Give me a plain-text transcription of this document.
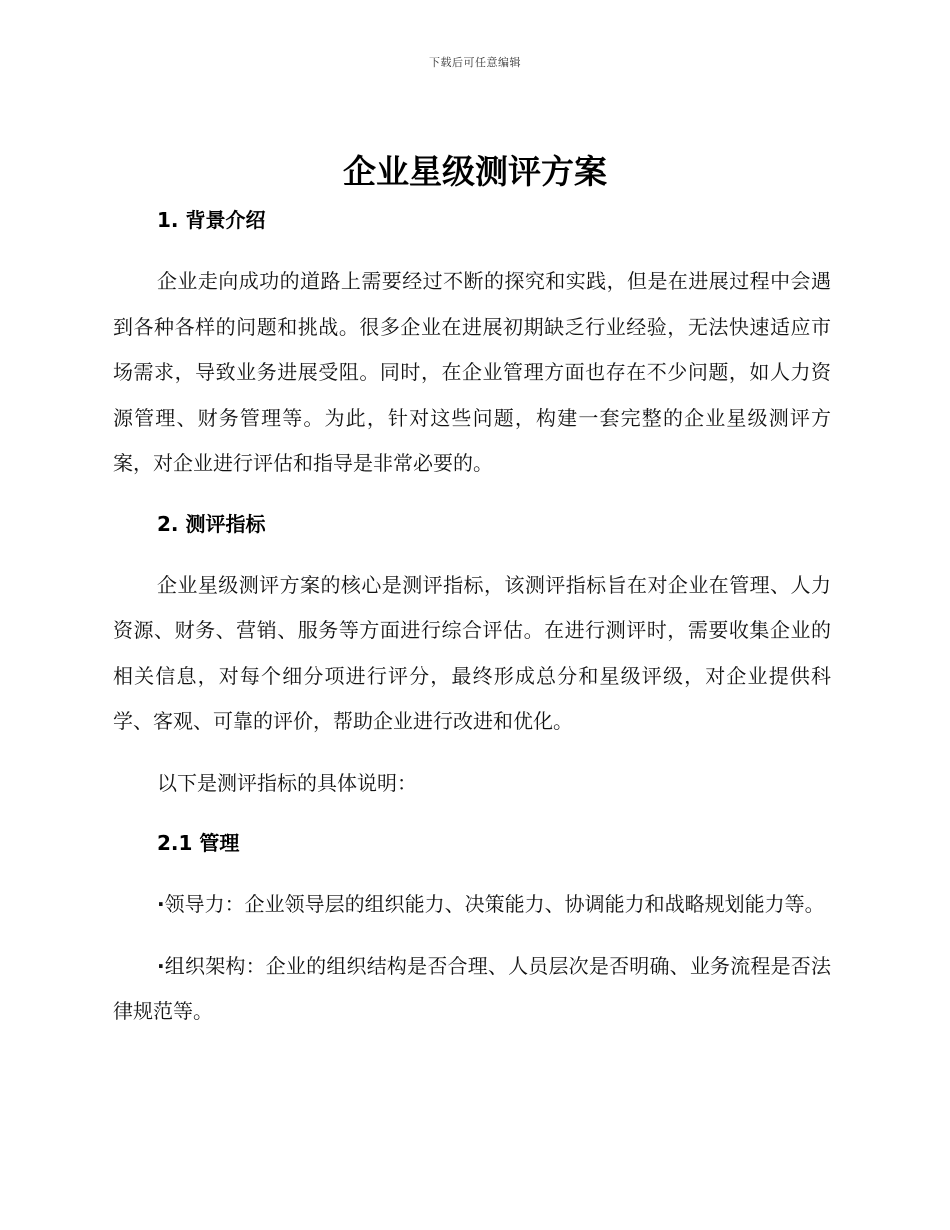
下载后可任意编辑
企业星级测评方案
1. 背景介绍

企业走向成功的道路上需要经过不断的探究和实践，但是在进展过程中会遇到各种各样的问题和挑战。很多企业在进展初期缺乏行业经验，无法快速适应市场需求，导致业务进展受阻。同时，在企业管理方面也存在不少问题，如人力资源管理、财务管理等。为此，针对这些问题，构建一套完整的企业星级测评方案，对企业进行评估和指导是非常必要的。

2. 测评指标

企业星级测评方案的核心是测评指标，该测评指标旨在对企业在管理、人力资源、财务、营销、服务等方面进行综合评估。在进行测评时，需要收集企业的相关信息，对每个细分项进行评分，最终形成总分和星级评级，对企业提供科学、客观、可靠的评价，帮助企业进行改进和优化。

以下是测评指标的具体说明：

2.1 管理

·领导力：企业领导层的组织能力、决策能力、协调能力和战略规划能力等。

·组织架构：企业的组织结构是否合理、人员层次是否明确、业务流程是否法律规范等。
